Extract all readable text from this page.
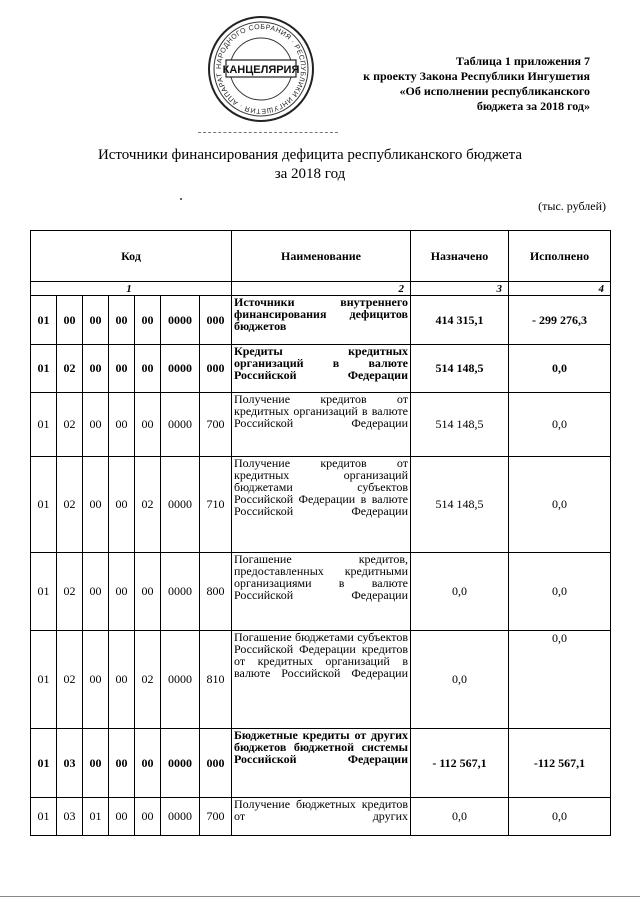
НАРОДНОГО СОБРАНИЯ · РЕСПУБЛИКИ ИНГУШЕТИЯ · АППАРАТ
КАНЦЕЛЯРИЯ
Таблица 1 приложения 7
к проекту Закона Республики Ингушетия
«Об исполнении республиканского
бюджета за 2018 год»
Источники финансирования дефицита республиканского бюджета
за 2018 год
(тыс. рублей)
Код							Наименование	Назначено	Исполнено
1							2	3	4
01	00	00	00	00	0000	000	Источники внутреннего финансирования дефицитов бюджетов	414 315,1	- 299 276,3
01	02	00	00	00	0000	000	Кредиты кредитных организаций в валюте Российской Федерации	514 148,5	0,0
01	02	00	00	00	0000	700	Получение кредитов от кредитных организаций в валюте Российской Федерации	514 148,5	0,0
01	02	00	00	02	0000	710	Получение кредитов от кредитных организаций бюджетами субъектов Российской Федерации в валюте Российской Федерации	514 148,5	0,0
01	02	00	00	00	0000	800	Погашение кредитов, предоставленных кредитными организациями в валюте Российской Федерации	0,0	0,0
01	02	00	00	02	0000	810	Погашение бюджетами субъектов Российской Федерации кредитов от кредитных организаций в валюте Российской Федерации	0,0	0,0
01	03	00	00	00	0000	000	Бюджетные кредиты от других бюджетов бюджетной системы Российской Федерации	- 112 567,1	-112 567,1
01	03	01	00	00	0000	700	Получение бюджетных кредитов от других	0,0	0,0
